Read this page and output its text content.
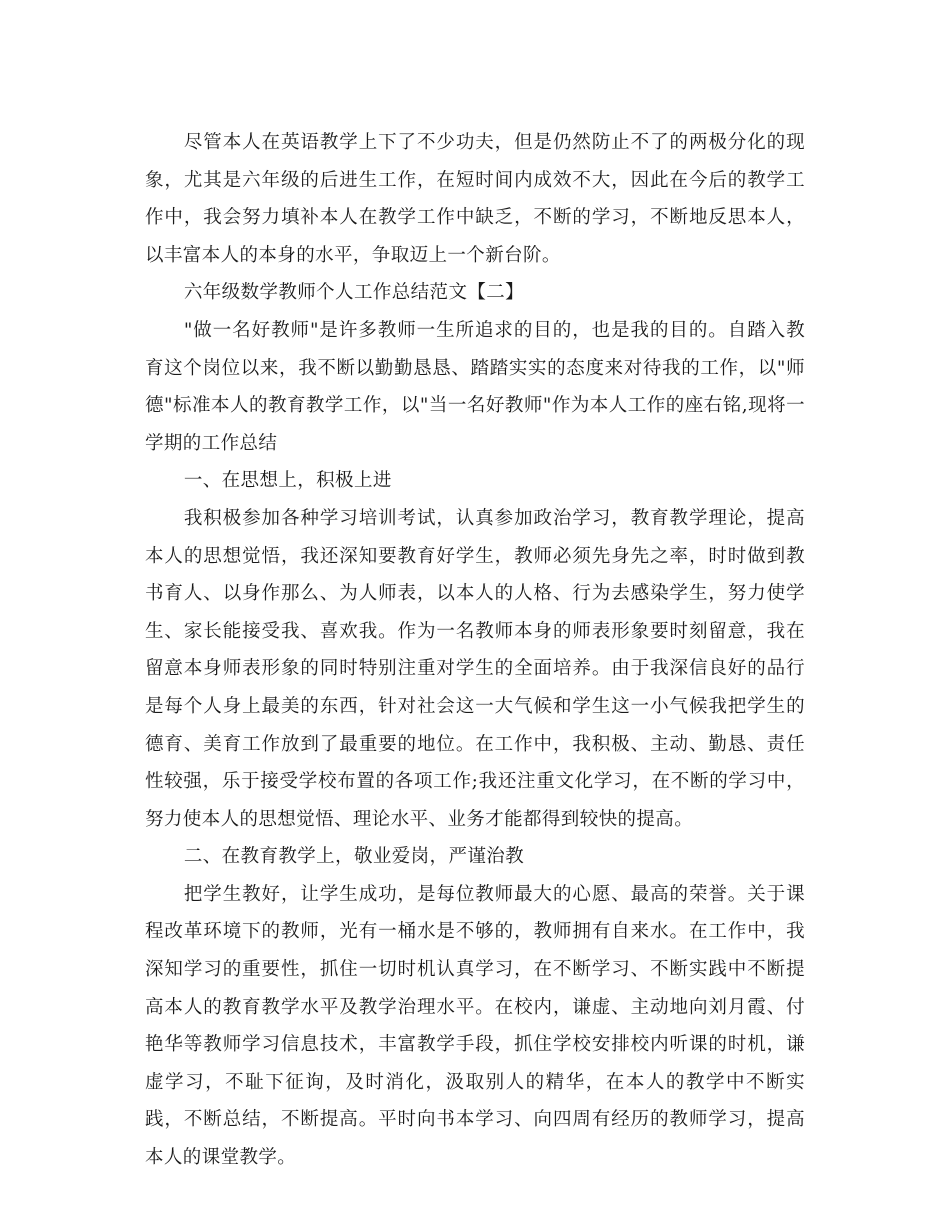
尽管本人在英语教学上下了不少功夫，但是仍然防止不了的两极分化的现象，尤其是六年级的后进生工作，在短时间内成效不大，因此在今后的教学工作中，我会努力填补本人在教学工作中缺乏，不断的学习，不断地反思本人，以丰富本人的本身的水平，争取迈上一个新台阶。

六年级数学教师个人工作总结范文【二】

"做一名好教师"是许多教师一生所追求的目的，也是我的目的。自踏入教育这个岗位以来，我不断以勤勤恳恳、踏踏实实的态度来对待我的工作，以"师德"标准本人的教育教学工作，以"当一名好教师"作为本人工作的座右铭,现将一学期的工作总结

一、在思想上，积极上进

我积极参加各种学习培训考试，认真参加政治学习，教育教学理论，提高本人的思想觉悟，我还深知要教育好学生，教师必须先身先之率，时时做到教书育人、以身作那么、为人师表，以本人的人格、行为去感染学生，努力使学生、家长能接受我、喜欢我。作为一名教师本身的师表形象要时刻留意，我在留意本身师表形象的同时特别注重对学生的全面培养。由于我深信良好的品行是每个人身上最美的东西，针对社会这一大气候和学生这一小气候我把学生的德育、美育工作放到了最重要的地位。在工作中，我积极、主动、勤恳、责任性较强，乐于接受学校布置的各项工作;我还注重文化学习，在不断的学习中，努力使本人的思想觉悟、理论水平、业务才能都得到较快的提高。

二、在教育教学上，敬业爱岗，严谨治教

把学生教好，让学生成功，是每位教师最大的心愿、最高的荣誉。关于课程改革环境下的教师，光有一桶水是不够的，教师拥有自来水。在工作中，我深知学习的重要性，抓住一切时机认真学习，在不断学习、不断实践中不断提高本人的教育教学水平及教学治理水平。在校内，谦虚、主动地向刘月霞、付艳华等教师学习信息技术，丰富教学手段，抓住学校安排校内听课的时机，谦虚学习，不耻下征询，及时消化，汲取别人的精华，在本人的教学中不断实践，不断总结，不断提高。平时向书本学习、向四周有经历的教师学习，提高本人的课堂教学。
